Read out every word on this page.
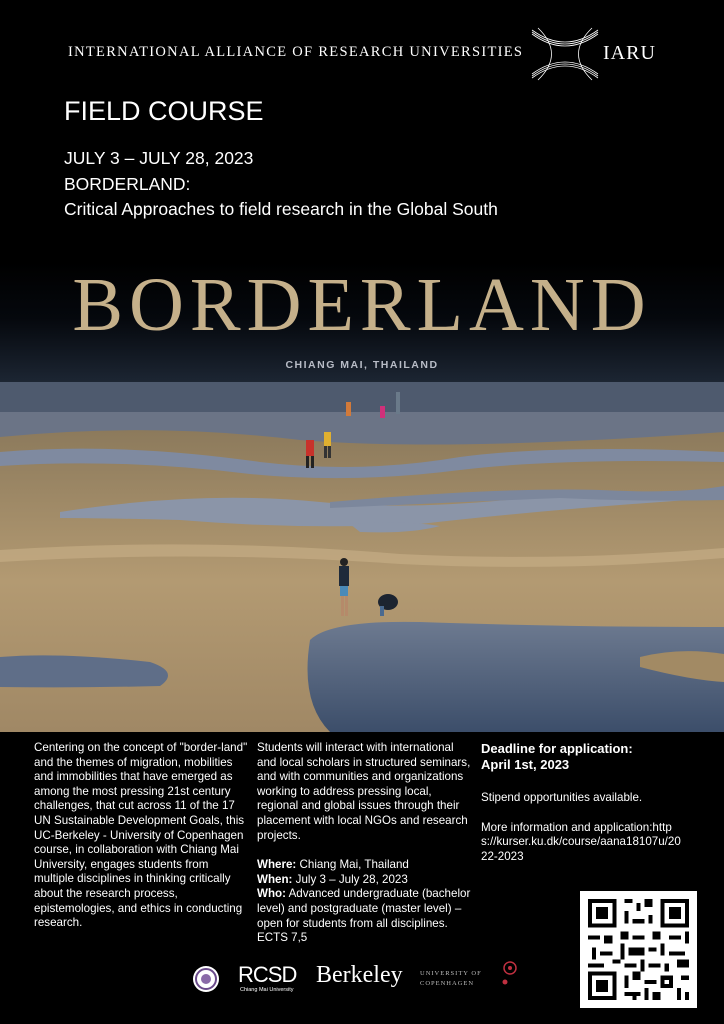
INTERNATIONAL ALLIANCE OF RESEARCH UNIVERSITIES	IARU
FIELD COURSE
JULY 3 – JULY 28, 2023
BORDERLAND:
Critical Approaches to field research in the Global South
BORDERLAND
CHIANG MAI, THAILAND
Centering on the concept of "border-land" and the themes of migration, mobilities and immobilities that have emerged as among the most pressing 21st century challenges, that cut across 11 of the 17 UN Sustainable Development Goals, this UC-Berkeley - University of Copenhagen course, in collaboration with Chiang Mai University, engages students from multiple disciplines in thinking critically about the research process, epistemologies, and ethics in conducting research.
Students will interact with international and local scholars in structured seminars, and with communities and organizations working to address pressing local, regional and global issues through their placement with local NGOs and research projects.
Where: Chiang Mai, Thailand
When: July 3 – July 28, 2023
Who: Advanced undergraduate (bachelor level) and postgraduate (master level) – open for students from all disciplines. ECTS 7,5
Deadline for application:
April 1st, 2023
Stipend opportunities available.
More information and application:https://kurser.ku.dk/course/aana18107u/2022-2023
RCSD
Chiang Mai University
Berkeley	UNIVERSITY OF
COPENHAGEN
